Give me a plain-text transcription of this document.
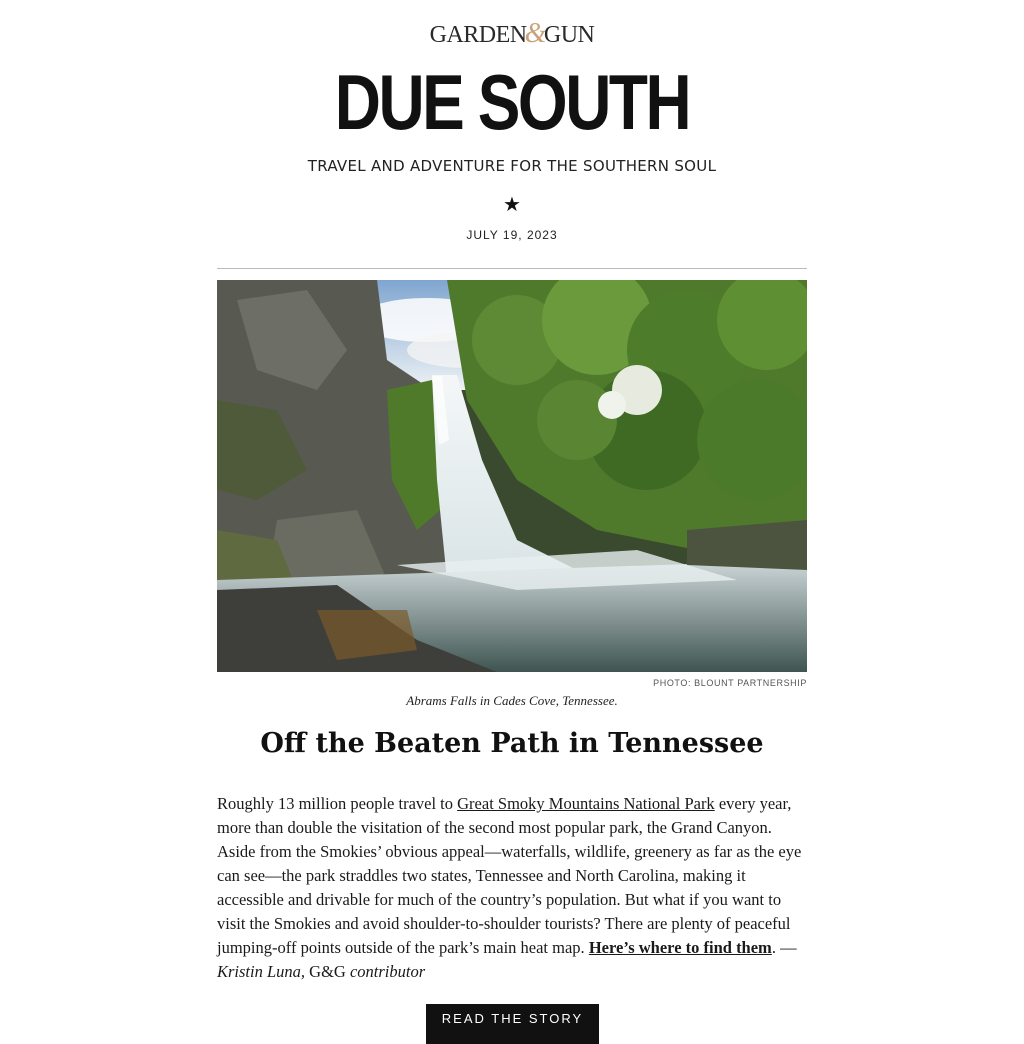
GARDEN&GUN
DUE SOUTH
TRAVEL AND ADVENTURE FOR THE SOUTHERN SOUL
★
JULY 19, 2023
PHOTO: BLOUNT PARTNERSHIP
Abrams Falls in Cades Cove, Tennessee.
Off the Beaten Path in Tennessee
Roughly 13 million people travel to Great Smoky Mountains National Park every year, more than double the visitation of the second most popular park, the Grand Canyon. Aside from the Smokies’ obvious appeal—waterfalls, wildlife, greenery as far as the eye can see—the park straddles two states, Tennessee and North Carolina, making it accessible and drivable for much of the country’s population. But what if you want to visit the Smokies and avoid shoulder-to-shoulder tourists? There are plenty of peaceful jumping-off points outside of the park’s main heat map. Here’s where to find them. —Kristin Luna, G&G contributor
READ THE STORY
